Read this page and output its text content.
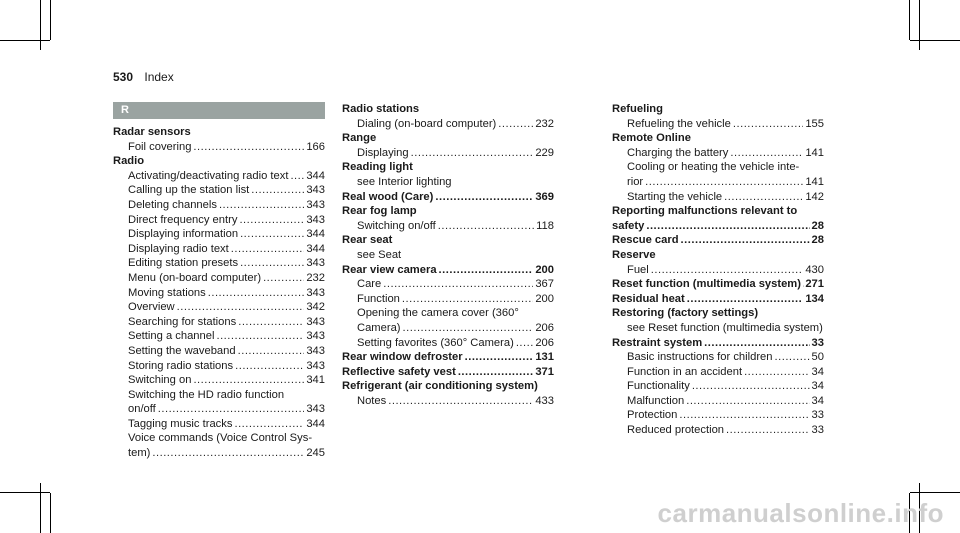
530 Index
R
Radar sensors
Foil covering .....	166
Radio
Activating/deactivating radio text ..... 344
Calling up the station list .....	343
Deleting channels .....	343
Direct frequency entry .....	343
Displaying information .....	344
Displaying radio text .....	344
Editing station presets .....	343
Menu (on-board computer) .....	232
Moving stations .....	343
Overview .....	342
Searching for stations .....	343
Setting a channel .....	343
Setting the waveband .....	343
Storing radio stations .....	343
Switching on .....	341
Switching the HD radio function
on/off .....	343
Tagging music tracks .....	344
Voice commands (Voice Control Sys-
tem) .....	245
Radio stations
Dialing (on-board computer) .....	232
Range
Displaying .....	229
Reading light
see Interior lighting
Real wood (Care) .....	369
Rear fog lamp
Switching on/off .....	118
Rear seat
see Seat
Rear view camera .....	200
Care .....	367
Function .....	200
Opening the camera cover (360°
Camera) .....	206
Setting favorites (360° Camera) ..... 206
Rear window defroster .....	131
Reflective safety vest .....	371
Refrigerant (air conditioning system)
Notes .....	433
Refueling
Refueling the vehicle .....	155
Remote Online
Charging the battery .....	141
Cooling or heating the vehicle inte-
rior .....	141
Starting the vehicle .....	142
Reporting malfunctions relevant to
safety .....	28
Rescue card .....	28
Reserve
Fuel .....	430
Reset function (multimedia system) ..... 271
Residual heat .....	134
Restoring (factory settings)
see Reset function (multimedia system)
Restraint system .....	33
Basic instructions for children .....	50
Function in an accident .....	34
Functionality .....	34
Malfunction .....	34
Protection .....	33
Reduced protection .....	33
carmanualsonline.info
